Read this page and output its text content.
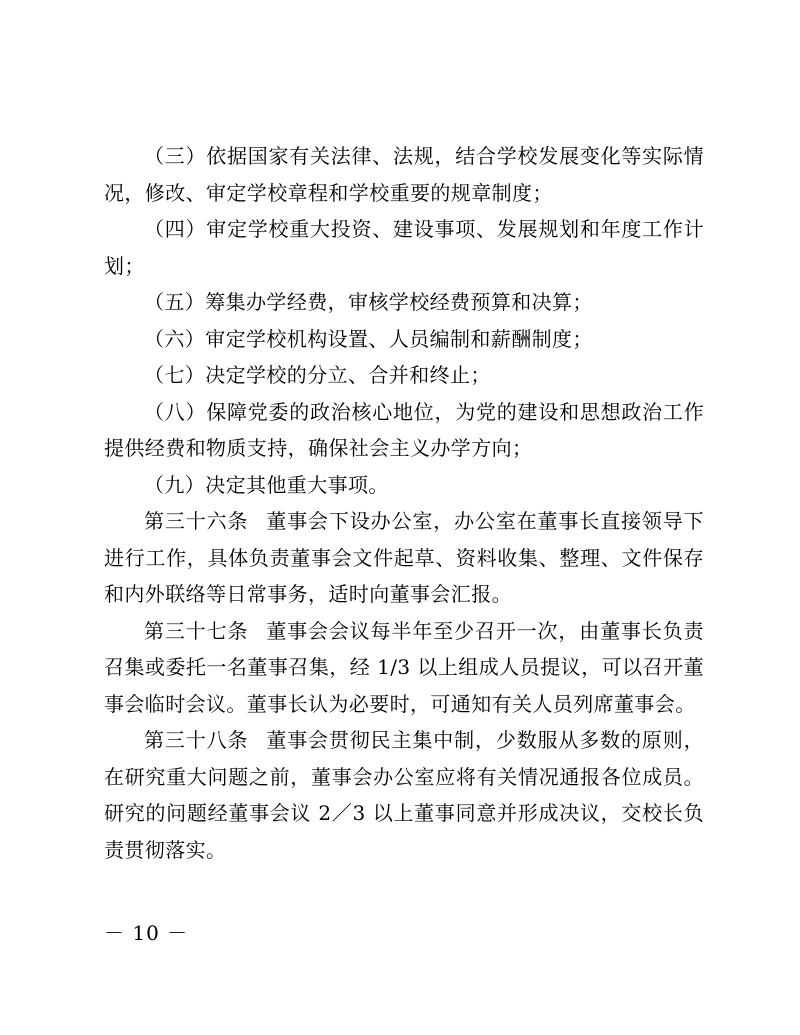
（三）依据国家有关法律、法规，结合学校发展变化等实际情况，修改、审定学校章程和学校重要的规章制度；

（四）审定学校重大投资、建设事项、发展规划和年度工作计划；

（五）筹集办学经费，审核学校经费预算和决算；

（六）审定学校机构设置、人员编制和薪酬制度；

（七）决定学校的分立、合并和终止；

（八）保障党委的政治核心地位，为党的建设和思想政治工作提供经费和物质支持，确保社会主义办学方向；

（九）决定其他重大事项。

第三十六条 董事会下设办公室，办公室在董事长直接领导下进行工作，具体负责董事会文件起草、资料收集、整理、文件保存和内外联络等日常事务，适时向董事会汇报。

第三十七条 董事会会议每半年至少召开一次，由董事长负责召集或委托一名董事召集，经 1/3 以上组成人员提议，可以召开董事会临时会议。董事长认为必要时，可通知有关人员列席董事会。

第三十八条 董事会贯彻民主集中制，少数服从多数的原则，在研究重大问题之前，董事会办公室应将有关情况通报各位成员。研究的问题经董事会议 2／3 以上董事同意并形成决议，交校长负责贯彻落实。

－ 10 －
